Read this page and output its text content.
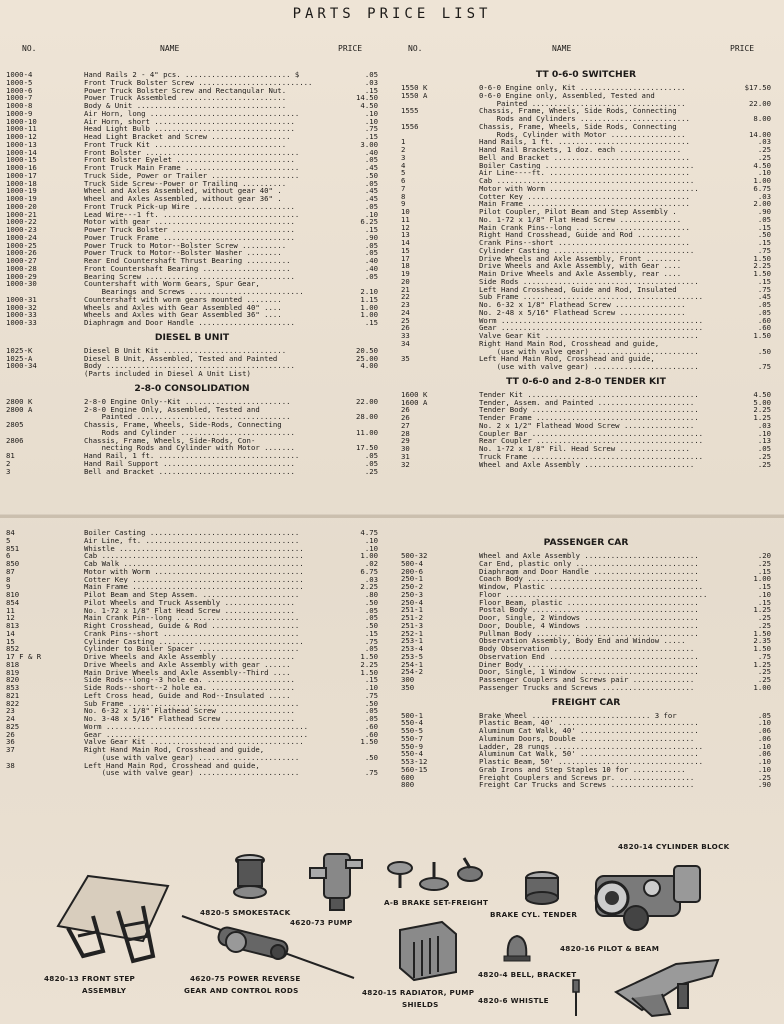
PARTS PRICE LIST
NO.	NAME	PRICE	NO.	NAME	PRICE
1000-4	Hand Rails 2 - 4" pcs. ........................ $	.05
1000-5	Front Truck Bolster Screw ..........................	.03
1000-6	Power Truck Bolster Screw and Rectangular Nut.	.15
1000-7	Power Truck Assembled ........................	14.50
1000-8	Body & Unit ..................................	4.50
1000-9	Air Horn, long ..................................	.10
1000-10	Air Horn, short ................................	.10
1000-11	Head Light Bulb ................................	.75
1000-12	Head Light Bracket and Screw ..................	.15
1000-13	Front Truck Kit ..............................	3.00
1000-14	Front Bolster ...................................	.40
1000-15	Front Bolster Eyelet ...........................	.05
1000-16	Front Truck Main Frame ..........................	.45
1000-17	Truck Side, Power or Trailer ....................	.50
1000-18	Truck Side Screw--Power or Trailing ..........	.05
1000-19	Wheel and Axles Assembled, without gear 40" .	.45
1000-19	Wheel and Axles Assembled, without gear 36" .	.45
1000-20	Front Truck Pick-up Wire .......................	.05
1000-21	Lead Wire---1 ft. ...............................	.10
1000-22	Motor with gear ................................	6.25
1000-23	Power Truck Bolster ............................	.15
1000-24	Power Truck Frame ..............................	.90
1000-25	Power Truck to Motor--Bolster Screw ..........	.05
1000-26	Power Truck to Motor--Bolster Washer ........	.05
1000-27	Rear End Countershaft Thrust Bearing ..........	.40
1000-28	Front Countershaft Bearing ....................	.40
1000-29	Bearing Screw ..................................	.05
1000-30	Countershaft with Worm Gears, Spur Gear,
Bearings and Screws ..........................	2.10
1000-31	Countershaft with worm gears mounted ........	1.15
1000-32	Wheels and Axles with Gear Assembled 40" ....	1.00
1000-33	Wheels and Axles with Gear Assembled 36" ....	1.00
1000-33	Diaphragm and Door Handle ......................	.15
DIESEL B UNIT
1025-K	Diesel B Unit Kit ............................	20.50
1025-A	Diesel B Unit, Assembled, Tested and Painted	25.00
1000-34	Body ...........................................	4.00
(Parts included in Diesel A Unit List)
2-8-0 CONSOLIDATION
2800 K	2-8-0 Engine Only--Kit ........................	22.00
2800 A	2-8-0 Engine Only, Assembled, Tested and
Painted ...................................	28.00
2805	Chassis, Frame, Wheels, Side-Rods, Connecting
Rods and Cylinder ..........................	11.00
2806	Chassis, Frame, Wheels, Side-Rods, Con-
necting Rods and Cylinder with Motor .......	17.50
81	Hand Rail, 1 ft. ................................	.05
2	Hand Rail Support ..............................	.05
3	Bell and Bracket ...............................	.25
TT 0-6-0 SWITCHER
1550 K	0-6-0 Engine only, Kit ........................	$17.50
1550 A	0-6-0 Engine only, Assembled, Tested and
Painted ...................................	22.00
1555	Chassis, Frame, Wheels, Side Rods, Connecting
Rods and Cylinders .........................	8.00
1556	Chassis, Frame, Wheels, Side Rods, Connecting
Rods, Cylinder with Motor .................	14.00
1	Hand Rails, 1 ft. ..............................	.03
2	Hand Rail Brackets, 1 doz. each ..............	.25
3	Bell and Bracket ...............................	.25
4	Boiler Casting ..................................	4.50
5	Air Line----ft. ................................	.10
6	Cab .............................................	1.00
7	Motor with Worm ..................................	6.75
8	Cotter Key .....................................	.03
9	Main Frame .....................................	2.00
10	Pilot Coupler, Pilot Beam and Step Assembly .	.90
11	No. 1-72 x 1/8" Flat Head Screw ..............	.05
12	Main Crank Pins--long ..........................	.15
13	Right Hand Crosshead, Guide and Rod ..........	.50
14	Crank Pins--short ..............................	.15
15	Cylinder Casting ................................	.75
17	Drive Wheels and Axle Assembly, Front ........	1.50
18	Drive Wheels and Axle Assembly, with Gear ....	2.25
19	Main Drive Wheels and Axle Assembly, rear ....	1.50
20	Side Rods ........................................	.15
21	Left Hand Crosshead, Guide and Rod, Insulated	.75
22	Sub Frame .........................................	.45
23	No. 6-32 x 1/8" Flathead Screw ................	.05
24	No. 2-48 x 5/16" Flathead Screw ...............	.05
25	Worm ..............................................	.60
26	Gear ..............................................	.60
33	Valve Gear Kit ...................................	1.50
34	Right Hand Main Rod, Crosshead and guide,
(use with valve gear) ........................	.50
35	Left Hand Main Rod, Crosshead and guide,
(use with valve gear) ........................	.75
TT 0-6-0 and 2-8-0 TENDER KIT
1600 K	Tender Kit .......................................	4.50
1600 A	Tender, Assem. and Painted ......................	5.00
26	Tender Body ......................................	2.25
26	Tender Frame .....................................	1.25
27	No. 2 x 1/2" Flathead Wood Screw ................	.03
28	Coupler Bar .......................................	.10
29	Rear Coupler ......................................	.13
30	No. 1-72 x 1/8" Fil. Head Screw ................	.05
31	Truck Frame .......................................	.25
32	Wheel and Axle Assembly .........................	.25
84	Boiler Casting ..................................	4.75
5	Air Line, ft. ...................................	.10
851	Whistle ..........................................	.10
6	Cab ..............................................	1.00
850	Cab Walk .........................................	.02
87	Motor with Worm ..................................	6.75
8	Cotter Key .......................................	.03
9	Main Frame .......................................	2.25
810	Pilot Beam and Step Assem. ......................	.80
854	Pilot Wheels and Truck Assembly ................	.50
11	No. 1-72 x 1/8" Flat Head Screw ................	.05
12	Main Crank Pin--long ............................	.05
813	Right Crosshead, Guide & Rod ....................	.50
14	Crank Pins--short ...............................	.15
15	Cylinder Casting .................................	.75
852	Cylinder to Boiler Spacer .......................	.05
17 F & R	Drive Wheels and Axle Assembly .................	1.50
818	Drive Wheels and Axle Assembly with gear ......	2.25
819	Main Drive Wheels and Axle Assembly--Third ....	1.50
820	Side Rods--long--3 hole ea. ....................	.15
853	Side Rods--short--2 hole ea. ...................	.10
821	Left Cross head, Guide and Rod--Insulated .....	.75
822	Sub Frame .......................................	.50
23	No. 6-32 x 1/8" Flathead Screw .................	.05
24	No. 3-48 x 5/16" Flathead Screw ................	.05
825	Worm ..............................................	.60
26	Gear ..............................................	.60
36	Valve Gear Kit ...................................	1.50
37	Right Hand Main Rod, Crosshead and guide,
(use with valve gear) .......................	.50
38	Left Hand Main Rod, Crosshead and guide,
(use with valve gear) .......................	.75
PASSENGER CAR
500-32	Wheel and Axle Assembly ..........................	.20
500-4	Car End, plastic only ............................	.25
200-6	Diaphragm and Door Handle ........................	.15
250-1	Coach Body .......................................	1.00
250-2	Window, Plastic ...................................	.15
250-3	Floor ..............................................	.10
250-4	Floor Beam, plastic ..............................	.15
251-1	Postal Body ......................................	1.25
251-2	Door, Single, 2 Windows ..........................	.25
251-3	Door, Double, 4 Windows ..........................	.25
252-1	Pullman Body .....................................	1.50
253-1	Observation Assembly, Body End and Window .....	2.35
253-4	Body Observation ................................	1.50
253-5	Observation End ..................................	.75
254-1	Diner Body .......................................	1.25
254-2	Door, Single, 1 Window ...........................	.25
300	Passenger Couplers and Screws pair ..............	.25
350	Passenger Trucks and Screws .....................	1.00
FREIGHT CAR
500-1	Brake Wheel ........................... 3 for	.05
550-4	Plastic Beam, 40' ................................	.10
550-5	Aluminum Cat Walk, 40' ...........................	.06
550-7	Aluminum Doors, Double ..........................	.06
550-9	Ladder, 28 rungs ..................................	.10
550-4	Aluminum Cat Walk, 50' ...........................	.06
553-12	Plastic Beam, 50' .................................	.10
560-15	Grab Irons and Step Staples 10 for ............	.10
600	Freight Couplers and Screws pr. .................	.25
800	Freight Car Trucks and Screws ...................	.90
4820-13 FRONT STEP
ASSEMBLY
4820-5 SMOKESTACK
4620-73 PUMP
A-B BRAKE SET-FREIGHT
BRAKE CYL. TENDER
4820-14 CYLINDER BLOCK
4820-16 PILOT & BEAM
4620-75 POWER REVERSE
GEAR AND CONTROL RODS	4820-15 RADIATOR, PUMP
SHIELDS
4820-4 BELL, BRACKET
4820-6 WHISTLE
